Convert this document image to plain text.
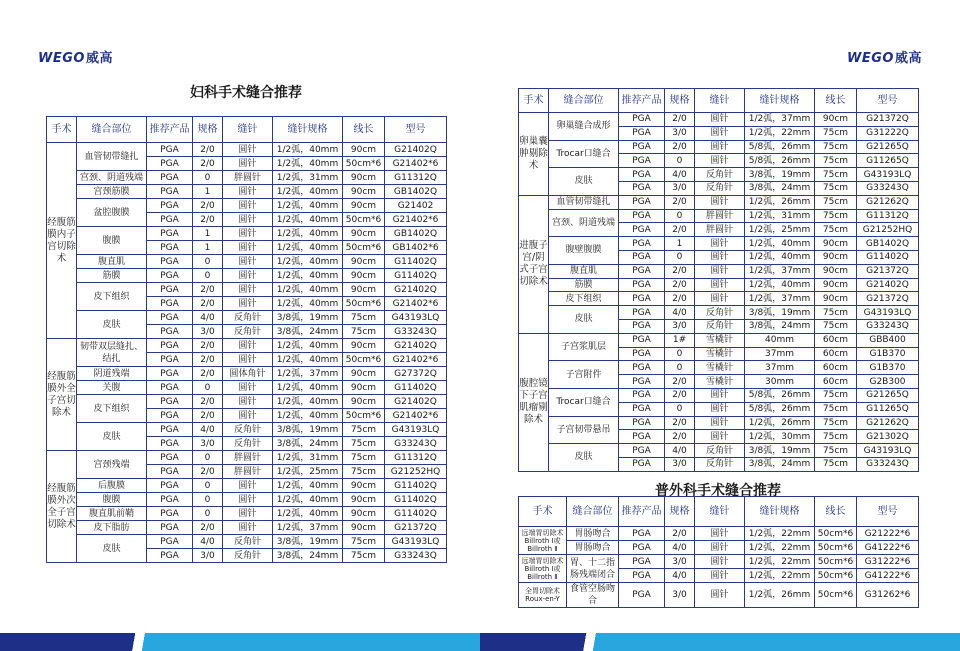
WEGO威高
妇科手术缝合推荐
手术	缝合部位	推荐产品	规格	缝针	缝针规格	线长	型号
经腹筋膜内子宫切除术	血管韧带缝扎	PGA	2/0	圆针	1/2弧，40mm	90cm	G21402Q
		PGA	2/0	圆针	1/2弧，40mm	50cm*6	G21402*6
	宫颈、阴道残端	PGA	0	胖圆针	1/2弧，31mm	90cm	G11312Q
	宫颈筋膜	PGA	1	圆针	1/2弧，40mm	90cm	GB1402Q
	盆腔腹膜	PGA	2/0	圆针	1/2弧，40mm	90cm	G21402
		PGA	2/0	圆针	1/2弧，40mm	50cm*6	G21402*6
	腹膜	PGA	1	圆针	1/2弧，40mm	90cm	GB1402Q
		PGA	1	圆针	1/2弧，40mm	50cm*6	GB1402*6
	腹直肌	PGA	0	圆针	1/2弧，40mm	90cm	G11402Q
	筋膜	PGA	0	圆针	1/2弧，40mm	90cm	G11402Q
	皮下组织	PGA	2/0	圆针	1/2弧，40mm	90cm	G21402Q
		PGA	2/0	圆针	1/2弧，40mm	50cm*6	G21402*6
	皮肤	PGA	4/0	反角针	3/8弧，19mm	75cm	G43193LQ
		PGA	3/0	反角针	3/8弧，24mm	75cm	G33243Q
经腹筋膜外全子宫切除术	韧带双层缝扎、结扎	PGA	2/0	圆针	1/2弧，40mm	90cm	G21402Q
		PGA	2/0	圆针	1/2弧，40mm	50cm*6	G21402*6
	阴道残端	PGA	2/0	圆体角针	1/2弧，37mm	90cm	G27372Q
	关腹	PGA	0	圆针	1/2弧，40mm	90cm	G11402Q
	皮下组织	PGA	2/0	圆针	1/2弧，40mm	90cm	G21402Q
		PGA	2/0	圆针	1/2弧，40mm	50cm*6	G21402*6
	皮肤	PGA	4/0	反角针	3/8弧，19mm	75cm	G43193LQ
		PGA	3/0	反角针	3/8弧，24mm	75cm	G33243Q
经腹筋膜外次全子宫切除术	宫颈残端	PGA	0	胖圆针	1/2弧，31mm	75cm	G11312Q
		PGA	2/0	胖圆针	1/2弧，25mm	75cm	G21252HQ
	后腹膜	PGA	0	圆针	1/2弧，40mm	90cm	G11402Q
	腹膜	PGA	0	圆针	1/2弧，40mm	90cm	G11402Q
	腹直肌前鞘	PGA	0	圆针	1/2弧，40mm	90cm	G11402Q
	皮下脂肪	PGA	2/0	圆针	1/2弧，37mm	90cm	G21372Q
	皮肤	PGA	4/0	反角针	3/8弧，19mm	75cm	G43193LQ
		PGA	3/0	反角针	3/8弧，24mm	75cm	G33243Q
WEGO威高
手术	缝合部位	推荐产品	规格	缝针	缝针规格	线长	型号
卵巢囊肿剔除术	卵巢缝合成形	PGA	2/0	圆针	1/2弧，37mm	90cm	G21372Q
		PGA	3/0	圆针	1/2弧，22mm	75cm	G31222Q
	Trocar口缝合	PGA	2/0	圆针	5/8弧，26mm	75cm	G21265Q
		PGA	0	圆针	5/8弧，26mm	75cm	G11265Q
	皮肤	PGA	4/0	反角针	3/8弧，19mm	75cm	G43193LQ
		PGA	3/0	反角针	3/8弧，24mm	75cm	G33243Q
进腹子宫/阴式子宫切除术	血管韧带缝扎	PGA	2/0	圆针	1/2弧，26mm	75cm	G21262Q
	宫颈、阴道残端	PGA	0	胖圆针	1/2弧，31mm	75cm	G11312Q
		PGA	2/0	胖圆针	1/2弧，25mm	75cm	G21252HQ
	腹壁腹膜	PGA	1	圆针	1/2弧，40mm	90cm	GB1402Q
		PGA	0	圆针	1/2弧，40mm	90cm	G11402Q
	腹直肌	PGA	2/0	圆针	1/2弧，37mm	90cm	G21372Q
	筋膜	PGA	2/0	圆针	1/2弧，40mm	90cm	G21402Q
	皮下组织	PGA	2/0	圆针	1/2弧，37mm	90cm	G21372Q
	皮肤	PGA	4/0	反角针	3/8弧，19mm	75cm	G43193LQ
		PGA	3/0	反角针	3/8弧，24mm	75cm	G33243Q
腹腔镜下子宫肌瘤剔除术	子宫浆肌层	PGA	1#	雪橇针	40mm	60cm	GBB400
		PGA	0	雪橇针	37mm	60cm	G1B370
	子宫附件	PGA	0	雪橇针	37mm	60cm	G1B370
		PGA	2/0	雪橇针	30mm	60cm	G2B300
	Trocar口缝合	PGA	2/0	圆针	5/8弧，26mm	75cm	G21265Q
		PGA	0	圆针	5/8弧，26mm	75cm	G11265Q
	子宫韧带悬吊	PGA	2/0	圆针	1/2弧，26mm	75cm	G21262Q
		PGA	2/0	圆针	1/2弧，30mm	75cm	G21302Q
	皮肤	PGA	4/0	反角针	3/8弧，19mm	75cm	G43193LQ
		PGA	3/0	反角针	3/8弧，24mm	75cm	G33243Q
普外科手术缝合推荐
手术	缝合部位	推荐产品	规格	缝针	缝针规格	线长	型号
远端胃切除术Billroth Ⅰ或Billroth Ⅱ	胃肠吻合	PGA	2/0	圆针	1/2弧，22mm	50cm*6	G21222*6
	胃肠吻合	PGA	4/0	圆针	1/2弧，22mm	50cm*6	G41222*6
远端胃切除术Billroth Ⅰ或Billroth Ⅱ	胃、十二指肠残端闭合	PGA	3/0	圆针	1/2弧，22mm	50cm*6	G31222*6
		PGA	4/0	圆针	1/2弧，22mm	50cm*6	G41222*6
全胃切除术Roux-en-Y	食管空肠吻合	PGA	3/0	圆针	1/2弧，26mm	50cm*6	G31262*6
